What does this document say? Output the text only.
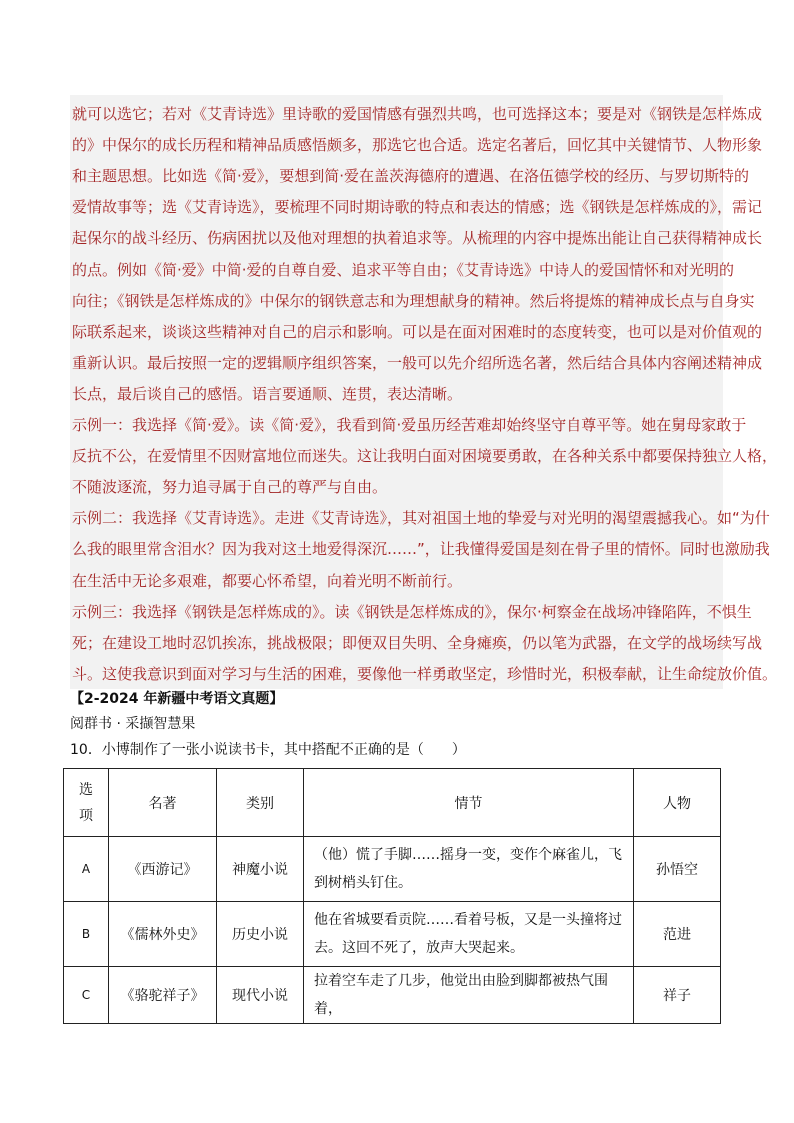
就可以选它；若对《艾青诗选》里诗歌的爱国情感有强烈共鸣，也可选择这本；要是对《钢铁是怎样炼成
的》中保尔的成长历程和精神品质感悟颇多，那选它也合适。选定名著后，回忆其中关键情节、人物形象
和主题思想。比如选《简·爱》，要想到简·爱在盖茨海德府的遭遇、在洛伍德学校的经历、与罗切斯特的
爱情故事等；选《艾青诗选》，要梳理不同时期诗歌的特点和表达的情感；选《钢铁是怎样炼成的》，需记
起保尔的战斗经历、伤病困扰以及他对理想的执着追求等。从梳理的内容中提炼出能让自己获得精神成长
的点。例如《简·爱》中简·爱的自尊自爱、追求平等自由；《艾青诗选》中诗人的爱国情怀和对光明的
向往；《钢铁是怎样炼成的》中保尔的钢铁意志和为理想献身的精神。然后将提炼的精神成长点与自身实
际联系起来，谈谈这些精神对自己的启示和影响。可以是在面对困难时的态度转变，也可以是对价值观的
重新认识。最后按照一定的逻辑顺序组织答案，一般可以先介绍所选名著，然后结合具体内容阐述精神成
长点，最后谈自己的感悟。语言要通顺、连贯，表达清晰。
示例一：我选择《简·爱》。读《简·爱》，我看到简·爱虽历经苦难却始终坚守自尊平等。她在舅母家敢于
反抗不公，在爱情里不因财富地位而迷失。这让我明白面对困境要勇敢，在各种关系中都要保持独立人格，
不随波逐流，努力追寻属于自己的尊严与自由。
示例二：我选择《艾青诗选》。走进《艾青诗选》，其对祖国土地的挚爱与对光明的渴望震撼我心。如“为什
么我的眼里常含泪水？因为我对这土地爱得深沉……”，让我懂得爱国是刻在骨子里的情怀。同时也激励我
在生活中无论多艰难，都要心怀希望，向着光明不断前行。
示例三：我选择《钢铁是怎样炼成的》。读《钢铁是怎样炼成的》，保尔·柯察金在战场冲锋陷阵，不惧生
死；在建设工地时忍饥挨冻，挑战极限；即便双目失明、全身瘫痪，仍以笔为武器，在文学的战场续写战
斗。这使我意识到面对学习与生活的困难，要像他一样勇敢坚定，珍惜时光，积极奉献，让生命绽放价值。
【2-2024 年新疆中考语文真题】
阅群书 · 采撷智慧果
10．小博制作了一张小说读书卡，其中搭配不正确的是（　　）
选
项	名著	类别	情节	人物
A	《西游记》	神魔小说	（他）慌了手脚……摇身一变，变作个麻雀儿，飞到树梢头钉住。	孙悟空
B	《儒林外史》	历史小说	他在省城要看贡院……看着号板，又是一头撞将过去。这回不死了，放声大哭起来。	范进
C	《骆驼祥子》	现代小说	拉着空车走了几步，他觉出由脸到脚都被热气围着，	祥子
